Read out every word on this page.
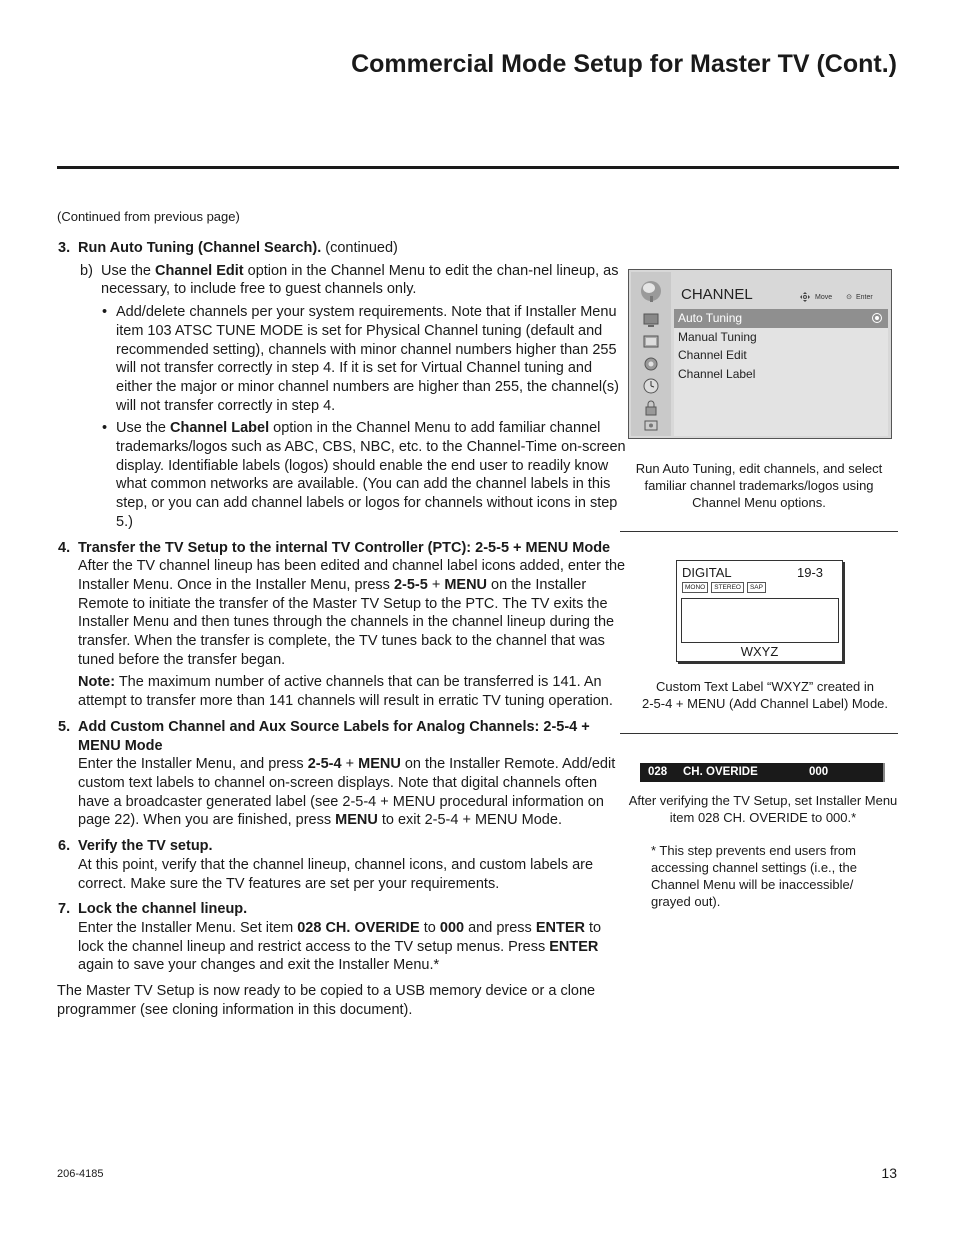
Commercial Mode Setup for Master TV (Cont.)
(Continued from previous page)
3. Run Auto Tuning (Channel Search). (continued)

b) Use the Channel Edit option in the Channel Menu to edit the chan-nel lineup, as necessary, to include free to guest channels only.

• Add/delete channels per your system requirements. Note that if Installer Menu item 103 ATSC TUNE MODE is set for Physical Channel tuning (default and recommended setting), channels with minor channel numbers higher than 255 will not transfer correctly in step 4. If it is set for Virtual Channel tuning and either the major or minor channel numbers are higher than 255, the channel(s) will not transfer correctly in step 4.

• Use the Channel Label option in the Channel Menu to add familiar channel trademarks/logos such as ABC, CBS, NBC, etc. to the Channel-Time on-screen display. Identifiable labels (logos) should enable the end user to readily know what common networks are available. (You can add the channel labels in this step, or you can add channel labels or logos for channels without icons in step 5.)

4. Transfer the TV Setup to the internal TV Controller (PTC): 2-5-5 + MENU Mode

After the TV channel lineup has been edited and channel label icons added, enter the Installer Menu. Once in the Installer Menu, press 2-5-5 + MENU on the Installer Remote to initiate the transfer of the Master TV Setup to the PTC. The TV exits the Installer Menu and then tunes through the channels in the channel lineup during the transfer. When the transfer is complete, the TV tunes back to the channel that was tuned before the transfer began.

Note: The maximum number of active channels that can be transferred is 141. An attempt to transfer more than 141 channels will result in erratic TV tuning operation.

5. Add Custom Channel and Aux Source Labels for Analog Channels: 2-5-4 + MENU Mode

Enter the Installer Menu, and press 2-5-4 + MENU on the Installer Remote. Add/edit custom text labels to channel on-screen displays. Note that digital channels often have a broadcaster generated label (see 2-5-4 + MENU procedural information on page 22). When you are finished, press MENU to exit 2-5-4 + MENU Mode.

6. Verify the TV setup.

At this point, verify that the channel lineup, channel icons, and custom labels are correct. Make sure the TV features are set per your requirements.

7. Lock the channel lineup.

Enter the Installer Menu. Set item 028 CH. OVERIDE to 000 and press ENTER to lock the channel lineup and restrict access to the TV setup menus. Press ENTER again to save your changes and exit the Installer Menu.*

The Master TV Setup is now ready to be copied to a USB memory device or a clone programmer (see cloning information in this document).

CHANNEL	Move ⊙ Enter
Auto Tuning
Manual Tuning
Channel Edit
Channel Label
Run Auto Tuning, edit channels, and select familiar channel trademarks/logos using Channel Menu options.
DIGITAL	19-3
MONO	STEREO	SAP
WXYZ
Custom Text Label “WXYZ” created in
2-5-4 + MENU (Add Channel Label) Mode.
028 CH. OVERIDE	000
After verifying the TV Setup, set Installer Menu item 028 CH. OVERIDE to 000.*
* This step prevents end users from accessing channel settings (i.e., the Channel Menu will be inaccessible/ grayed out).
206-4185	13
